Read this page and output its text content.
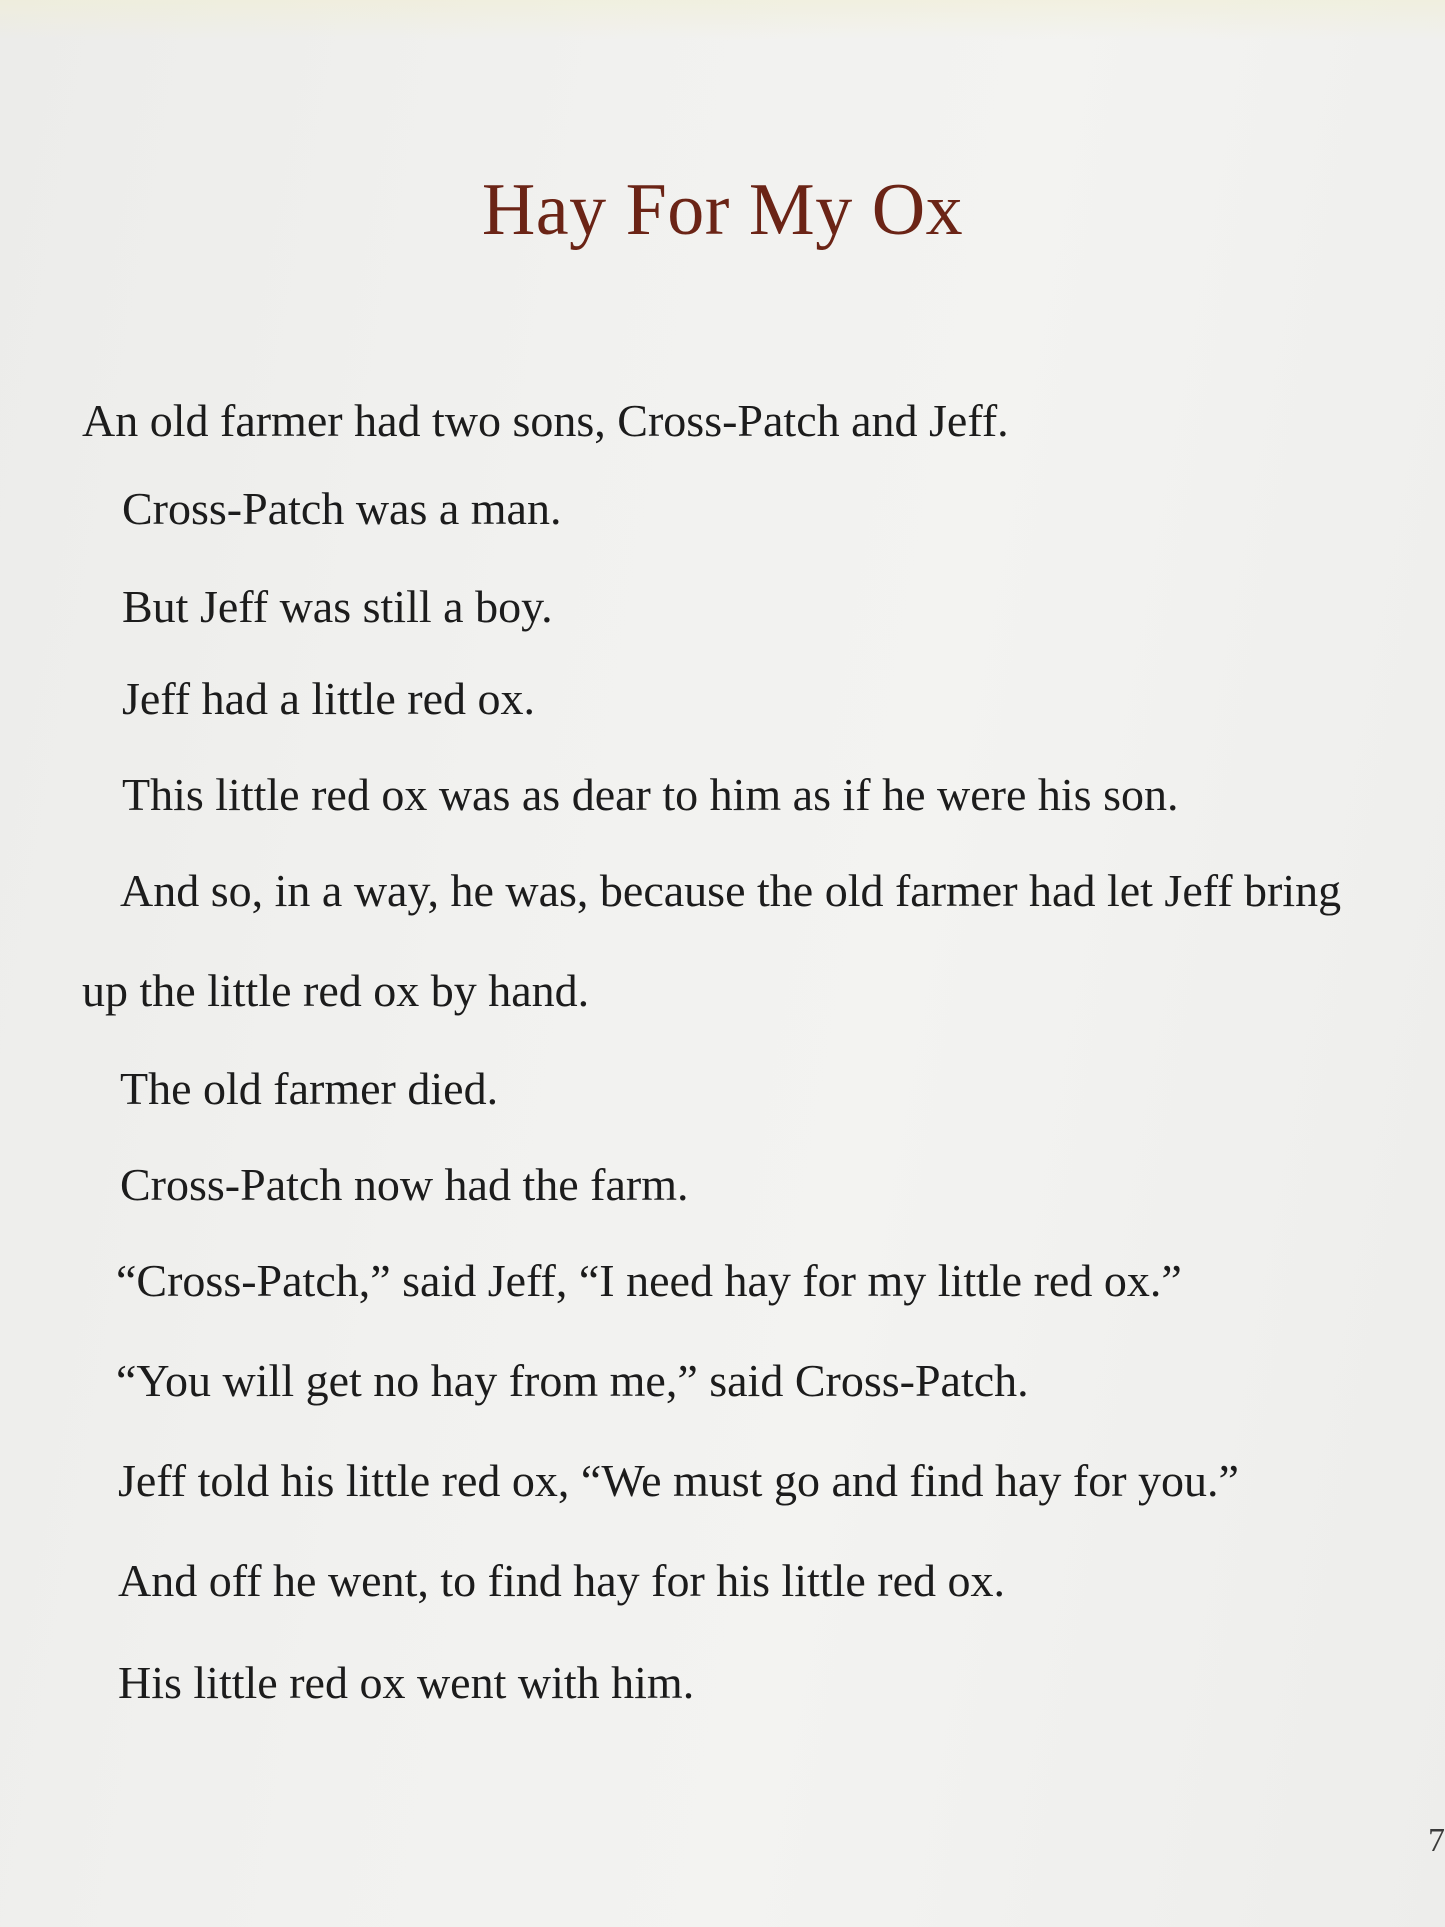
Hay For My Ox

An old farmer had two sons, Cross-Patch and Jeff.

Cross-Patch was a man.

But Jeff was still a boy.

Jeff had a little red ox.

This little red ox was as dear to him as if he were his son.

And so, in a way, he was, because the old farmer had let Jeff bring

up the little red ox by hand.

The old farmer died.

Cross-Patch now had the farm.

“Cross-Patch,” said Jeff, “I need hay for my little red ox.”

“You will get no hay from me,” said Cross-Patch.

Jeff told his little red ox, “We must go and find hay for you.”

And off he went, to find hay for his little red ox.

His little red ox went with him.

7
